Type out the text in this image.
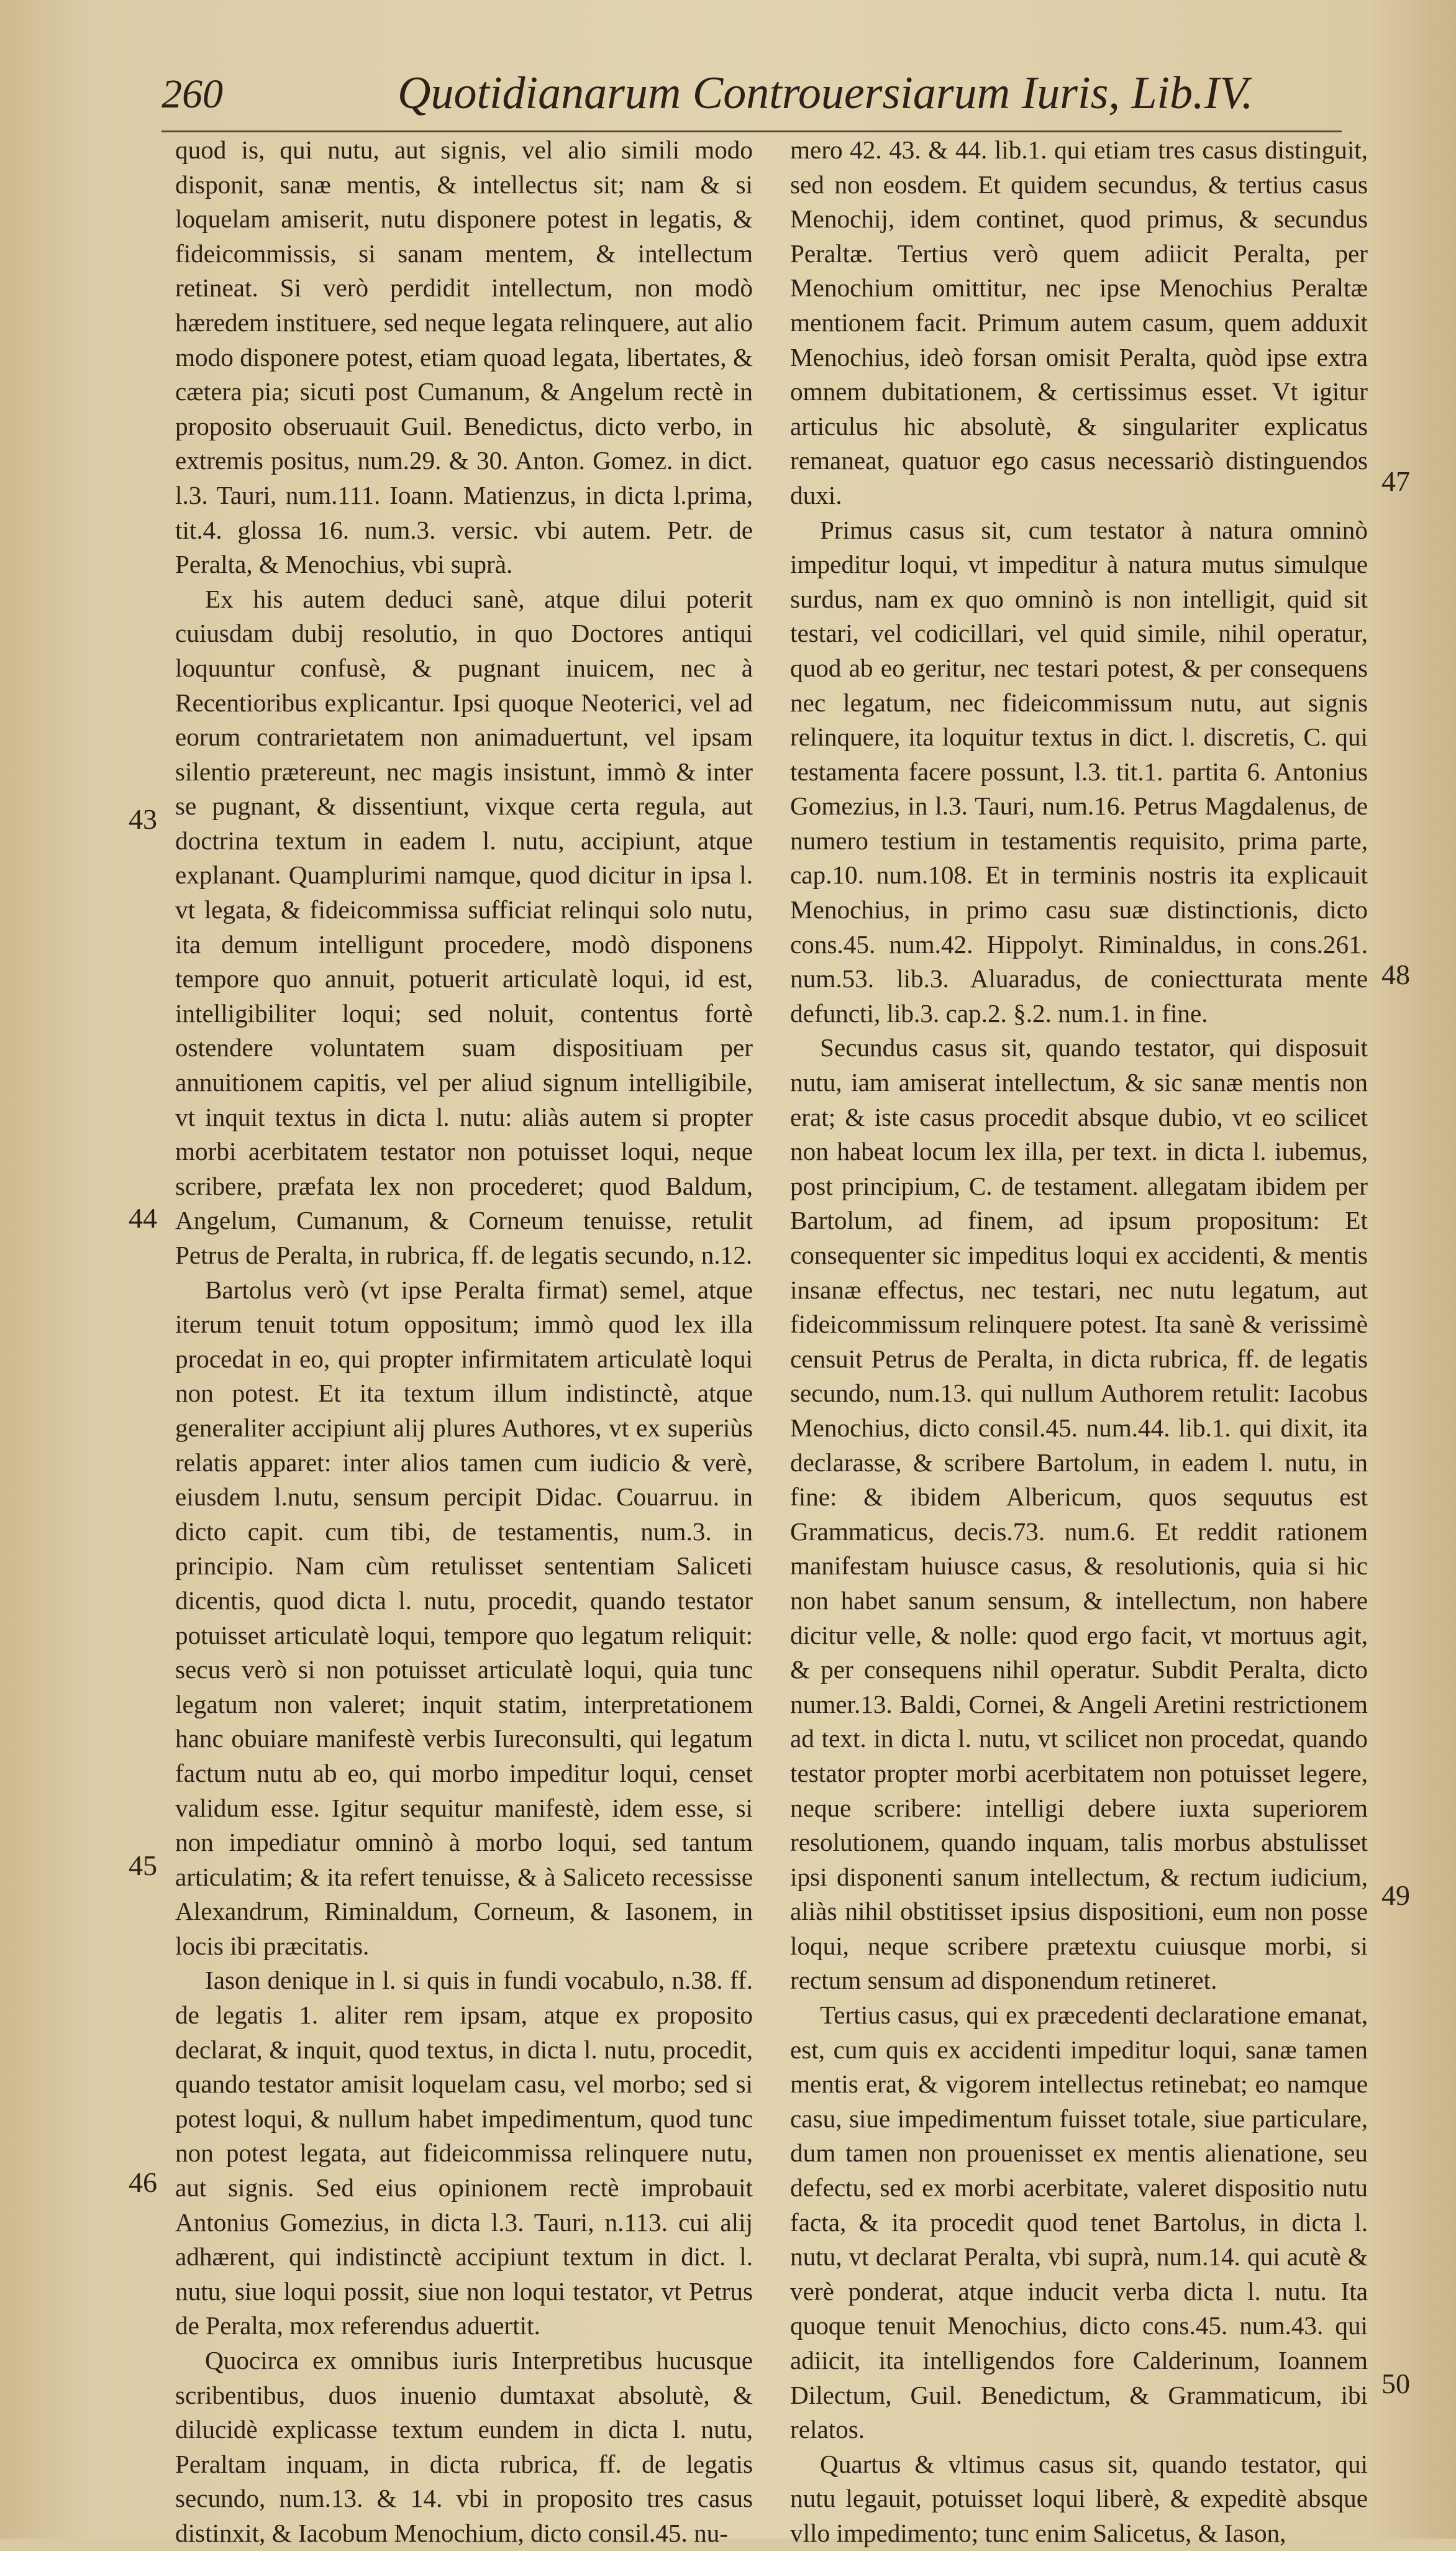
260	Quotidianarum Controuersiarum Iuris, Lib.IV.

quod is, qui nutu, aut signis, vel alio simili modo disponit, sanæ mentis, & intellectus sit; nam & si loquelam amiserit, nutu disponere potest in legatis, & fideicommissis, si sanam mentem, & intellectum retineat. Si verò perdidit intellectum, non modò hæredem instituere, sed neque legata relinquere, aut alio modo disponere potest, etiam quoad legata, libertates, & cætera pia; sicuti post Cumanum, & Angelum rectè in proposito obseruauit Guil. Benedictus, dicto verbo, in extremis positus, num.29. & 30. Anton. Gomez. in dict. l.3. Tauri, num.111. Ioann. Matienzus, in dicta l.prima, tit.4. glossa 16. num.3. versic. vbi autem. Petr. de Peralta, & Menochius, vbi suprà.

Ex his autem deduci sanè, atque dilui poterit cuiusdam dubij resolutio, in quo Doctores antiqui loquuntur confusè, & pugnant inuicem, nec à Recentioribus explicantur. Ipsi quoque Neoterici, vel ad eorum contrarietatem non animaduertunt, vel ipsam silentio prætereunt, nec magis insistunt, immò & inter se pugnant, & dissentiunt, vixque certa regula, aut doctrina textum in eadem l. nutu, accipiunt, atque explanant. Quamplurimi namque, quod dicitur in ipsa l. vt legata, & fideicommissa sufficiat relinqui solo nutu, ita demum intelligunt procedere, modò disponens tempore quo annuit, potuerit articulatè loqui, id est, intelligibiliter loqui; sed noluit, contentus fortè ostendere voluntatem suam dispositiuam per annuitionem capitis, vel per aliud signum intelligibile, vt inquit textus in dicta l. nutu: aliàs autem si propter morbi acerbitatem testator non potuisset loqui, neque scribere, præfata lex non procederet; quod Baldum, Angelum, Cumanum, & Corneum tenuisse, retulit Petrus de Peralta, in rubrica, ff. de legatis secundo, n.12.

Bartolus verò (vt ipse Peralta firmat) semel, atque iterum tenuit totum oppositum; immò quod lex illa procedat in eo, qui propter infirmitatem articulatè loqui non potest. Et ita textum illum indistinctè, atque generaliter accipiunt alij plures Authores, vt ex superiùs relatis apparet: inter alios tamen cum iudicio & verè, eiusdem l.nutu, sensum percipit Didac. Couarruu. in dicto capit. cum tibi, de testamentis, num.3. in principio. Nam cùm retulisset sententiam Saliceti dicentis, quod dicta l. nutu, procedit, quando testator potuisset articulatè loqui, tempore quo legatum reliquit: secus verò si non potuisset articulatè loqui, quia tunc legatum non valeret; inquit statim, interpretationem hanc obuiare manifestè verbis Iureconsulti, qui legatum factum nutu ab eo, qui morbo impeditur loqui, censet validum esse. Igitur sequitur manifestè, idem esse, si non impediatur omninò à morbo loqui, sed tantum articulatim; & ita refert tenuisse, & à Saliceto recessisse Alexandrum, Riminaldum, Corneum, & Iasonem, in locis ibi præcitatis.

Iason denique in l. si quis in fundi vocabulo, n.38. ff. de legatis 1. aliter rem ipsam, atque ex proposito declarat, & inquit, quod textus, in dicta l. nutu, procedit, quando testator amisit loquelam casu, vel morbo; sed si potest loqui, & nullum habet impedimentum, quod tunc non potest legata, aut fideicommissa relinquere nutu, aut signis. Sed eius opinionem rectè improbauit Antonius Gomezius, in dicta l.3. Tauri, n.113. cui alij adhærent, qui indistinctè accipiunt textum in dict. l. nutu, siue loqui possit, siue non loqui testator, vt Petrus de Peralta, mox referendus aduertit.

Quocirca ex omnibus iuris Interpretibus hucusque scribentibus, duos inuenio dumtaxat absolutè, & dilucidè explicasse textum eundem in dicta l. nutu, Peraltam inquam, in dicta rubrica, ff. de legatis secundo, num.13. & 14. vbi in proposito tres casus distinxit, & Iacobum Menochium, dicto consil.45. nu-

mero 42. 43. & 44. lib.1. qui etiam tres casus distinguit, sed non eosdem. Et quidem secundus, & tertius casus Menochij, idem continet, quod primus, & secundus Peraltæ. Tertius verò quem adiicit Peralta, per Menochium omittitur, nec ipse Menochius Peraltæ mentionem facit. Primum autem casum, quem adduxit Menochius, ideò forsan omisit Peralta, quòd ipse extra omnem dubitationem, & certissimus esset. Vt igitur articulus hic absolutè, & singulariter explicatus remaneat, quatuor ego casus necessariò distinguendos duxi.

Primus casus sit, cum testator à natura omninò impeditur loqui, vt impeditur à natura mutus simulque surdus, nam ex quo omninò is non intelligit, quid sit testari, vel codicillari, vel quid simile, nihil operatur, quod ab eo geritur, nec testari potest, & per consequens nec legatum, nec fideicommissum nutu, aut signis relinquere, ita loquitur textus in dict. l. discretis, C. qui testamenta facere possunt, l.3. tit.1. partita 6. Antonius Gomezius, in l.3. Tauri, num.16. Petrus Magdalenus, de numero testium in testamentis requisito, prima parte, cap.10. num.108. Et in terminis nostris ita explicauit Menochius, in primo casu suæ distinctionis, dicto cons.45. num.42. Hippolyt. Riminaldus, in cons.261. num.53. lib.3. Aluaradus, de coniectturata mente defuncti, lib.3. cap.2. §.2. num.1. in fine.

Secundus casus sit, quando testator, qui disposuit nutu, iam amiserat intellectum, & sic sanæ mentis non erat; & iste casus procedit absque dubio, vt eo scilicet non habeat locum lex illa, per text. in dicta l. iubemus, post principium, C. de testament. allegatam ibidem per Bartolum, ad finem, ad ipsum propositum: Et consequenter sic impeditus loqui ex accidenti, & mentis insanæ effectus, nec testari, nec nutu legatum, aut fideicommissum relinquere potest. Ita sanè & verissimè censuit Petrus de Peralta, in dicta rubrica, ff. de legatis secundo, num.13. qui nullum Authorem retulit: Iacobus Menochius, dicto consil.45. num.44. lib.1. qui dixit, ita declarasse, & scribere Bartolum, in eadem l. nutu, in fine: & ibidem Albericum, quos sequutus est Grammaticus, decis.73. num.6. Et reddit rationem manifestam huiusce casus, & resolutionis, quia si hic non habet sanum sensum, & intellectum, non habere dicitur velle, & nolle: quod ergo facit, vt mortuus agit, & per consequens nihil operatur. Subdit Peralta, dicto numer.13. Baldi, Cornei, & Angeli Aretini restrictionem ad text. in dicta l. nutu, vt scilicet non procedat, quando testator propter morbi acerbitatem non potuisset legere, neque scribere: intelligi debere iuxta superiorem resolutionem, quando inquam, talis morbus abstulisset ipsi disponenti sanum intellectum, & rectum iudicium, aliàs nihil obstitisset ipsius dispositioni, eum non posse loqui, neque scribere prætextu cuiusque morbi, si rectum sensum ad disponendum retineret.

Tertius casus, qui ex præcedenti declaratione emanat, est, cum quis ex accidenti impeditur loqui, sanæ tamen mentis erat, & vigorem intellectus retinebat; eo namque casu, siue impedimentum fuisset totale, siue particulare, dum tamen non prouenisset ex mentis alienatione, seu defectu, sed ex morbi acerbitate, valeret dispositio nutu facta, & ita procedit quod tenet Bartolus, in dicta l. nutu, vt declarat Peralta, vbi suprà, num.14. qui acutè & verè ponderat, atque inducit verba dicta l. nutu. Ita quoque tenuit Menochius, dicto cons.45. num.43. qui adiicit, ita intelligendos fore Calderinum, Ioannem Dilectum, Guil. Benedictum, & Grammaticum, ibi relatos.

Quartus & vltimus casus sit, quando testator, qui nutu legauit, potuisset loqui liberè, & expeditè absque vllo impedimento; tunc enim Salicetus, & Iason,

43
44
45
46
47
48
49
50
